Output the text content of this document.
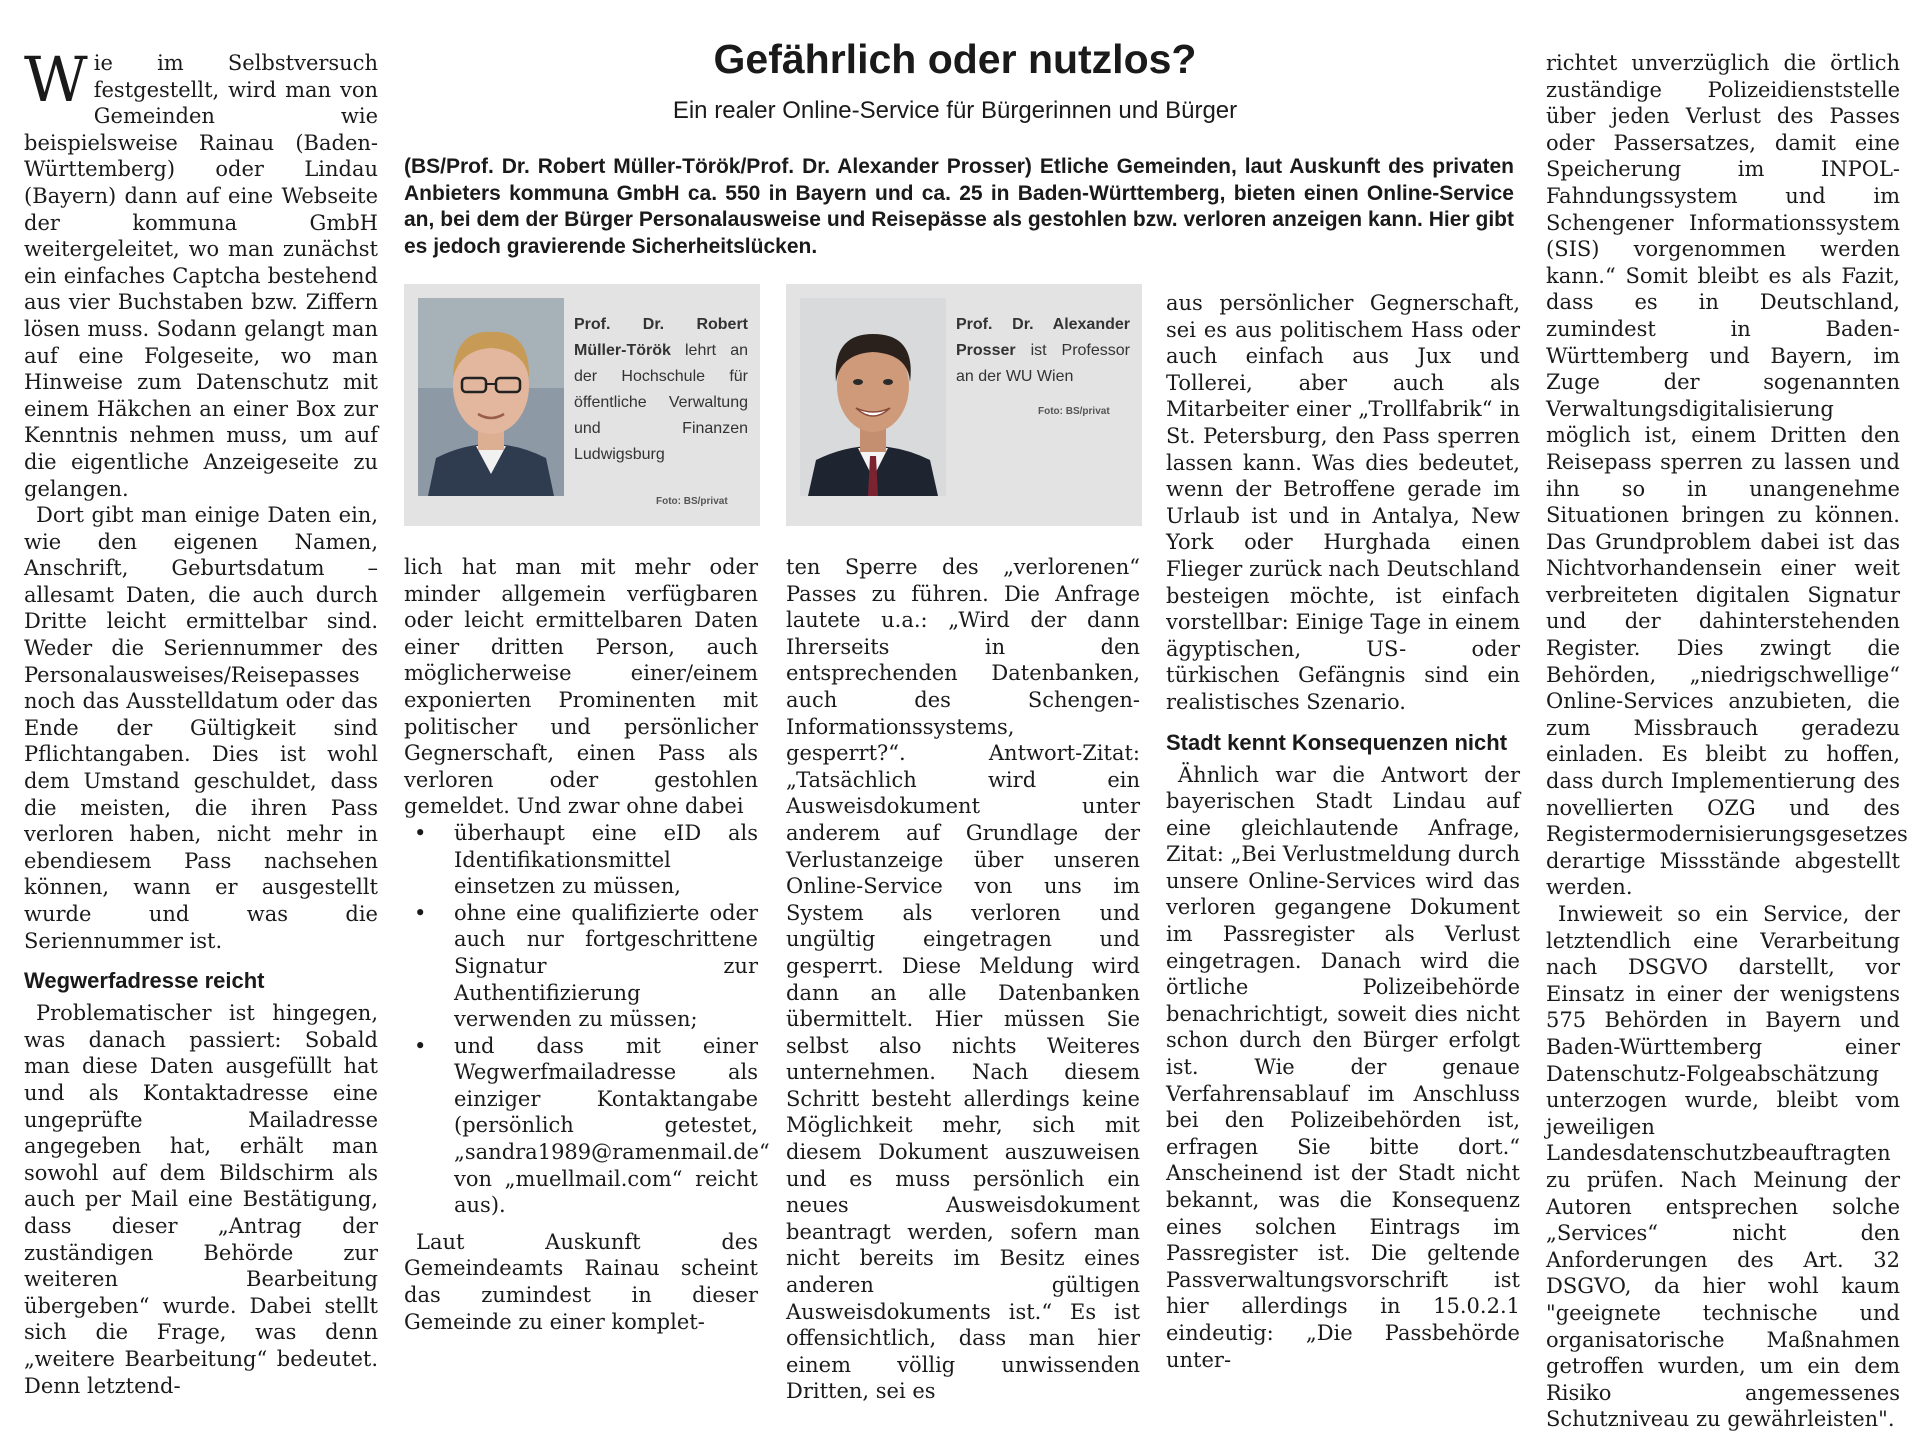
Gefährlich oder nutzlos?
Ein realer Online-Service für Bürgerinnen und Bürger
(BS/Prof. Dr. Robert Müller-Török/Prof. Dr. Alexander Prosser) Etliche Gemeinden, laut Auskunft des privaten Anbieters kommuna GmbH ca. 550 in Bayern und ca. 25 in Baden-Württemberg, bieten einen Online-Service an, bei dem der Bürger Personalausweise und Reisepässe als gestohlen bzw. verloren anzeigen kann. Hier gibt es jedoch gravierende Sicherheitslücken.
Prof. Dr. Robert Müller-Török lehrt an der Hochschule für öffentliche Verwaltung und Finanzen Ludwigsburg
Foto: BS/privat
Prof. Dr. Alexander Prosser ist Professor an der WU Wien
Foto: BS/privat

Wie im Selbstversuch festgestellt, wird man von Gemeinden wie beispielsweise Rainau (Baden-Württemberg) oder Lindau (Bayern) dann auf eine Webseite der kommuna GmbH weitergeleitet, wo man zunächst ein einfaches Captcha bestehend aus vier Buchstaben bzw. Ziffern lösen muss. Sodann gelangt man auf eine Folgeseite, wo man Hinweise zum Datenschutz mit einem Häkchen an einer Box zur Kenntnis nehmen muss, um auf die eigentliche Anzeigeseite zu gelangen.

Dort gibt man einige Daten ein, wie den eigenen Namen, Anschrift, Geburtsdatum – allesamt Daten, die auch durch Dritte leicht ermittelbar sind. Weder die Seriennummer des Personalausweises/Reisepasses noch das Ausstelldatum oder das Ende der Gültigkeit sind Pflichtangaben. Dies ist wohl dem Umstand geschuldet, dass die meisten, die ihren Pass verloren haben, nicht mehr in ebendiesem Pass nachsehen können, wann er ausgestellt wurde und was die Seriennummer ist.

Wegwerfadresse reicht

Problematischer ist hingegen, was danach passiert: Sobald man diese Daten ausgefüllt hat und als Kontaktadresse eine ungeprüfte Mailadresse angegeben hat, erhält man sowohl auf dem Bildschirm als auch per Mail eine Bestätigung, dass dieser „Antrag der zuständigen Behörde zur weiteren Bearbeitung übergeben“ wurde. Dabei stellt sich die Frage, was denn „weitere Bearbeitung“ bedeutet. Denn letztend-

lich hat man mit mehr oder minder allgemein verfügbaren oder leicht ermittelbaren Daten einer dritten Person, auch möglicherweise einer/einem exponierten Prominenten mit politischer und persönlicher Gegnerschaft, einen Pass als verloren oder gestohlen gemeldet. Und zwar ohne dabei

• überhaupt eine eID als Identifikationsmittel einsetzen zu müssen,
• ohne eine qualifizierte oder auch nur fortgeschrittene Signatur zur Authentifizierung verwenden zu müssen;
• und dass mit einer Wegwerfmailadresse als einziger Kontaktangabe (persönlich getestet, „sandra1989@ramenmail.de“ von „muellmail.com“ reicht aus).

Laut Auskunft des Gemeindeamts Rainau scheint das zumindest in dieser Gemeinde zu einer komplet-

ten Sperre des „verlorenen“ Passes zu führen. Die Anfrage lautete u.a.: „Wird der dann Ihrerseits in den entsprechenden Datenbanken, auch des Schengen-Informationssystems, gesperrt?“. Antwort-Zitat: „Tatsächlich wird ein Ausweisdokument unter anderem auf Grundlage der Verlustanzeige über unseren Online-Service von uns im System als verloren und ungültig eingetragen und gesperrt. Diese Meldung wird dann an alle Datenbanken übermittelt. Hier müssen Sie selbst also nichts Weiteres unternehmen. Nach diesem Schritt besteht allerdings keine Möglichkeit mehr, sich mit diesem Dokument auszuweisen und es muss persönlich ein neues Ausweisdokument beantragt werden, sofern man nicht bereits im Besitz eines anderen gültigen Ausweisdokuments ist.“ Es ist offensichtlich, dass man hier einem völlig unwissenden Dritten, sei es

aus persönlicher Gegnerschaft, sei es aus politischem Hass oder auch einfach aus Jux und Tollerei, aber auch als Mitarbeiter einer „Trollfabrik“ in St. Petersburg, den Pass sperren lassen kann. Was dies bedeutet, wenn der Betroffene gerade im Urlaub ist und in Antalya, New York oder Hurghada einen Flieger zurück nach Deutschland besteigen möchte, ist einfach vorstellbar: Einige Tage in einem ägyptischen, US- oder türkischen Gefängnis sind ein realistisches Szenario.

Stadt kennt Konsequenzen nicht

Ähnlich war die Antwort der bayerischen Stadt Lindau auf eine gleichlautende Anfrage, Zitat: „Bei Verlustmeldung durch unsere Online-Services wird das verloren gegangene Dokument im Passregister als Verlust eingetragen. Danach wird die örtliche Polizeibehörde benachrichtigt, soweit dies nicht schon durch den Bürger erfolgt ist. Wie der genaue Verfahrensablauf im Anschluss bei den Polizeibehörden ist, erfragen Sie bitte dort.“ Anscheinend ist der Stadt nicht bekannt, was die Konsequenz eines solchen Eintrags im Passregister ist. Die geltende Passverwaltungsvorschrift ist hier allerdings in 15.0.2.1 eindeutig: „Die Passbehörde unter-

richtet unverzüglich die örtlich zuständige Polizeidienststelle über jeden Verlust des Passes oder Passersatzes, damit eine Speicherung im INPOL-Fahndungssystem und im Schengener Informationssystem (SIS) vorgenommen werden kann.“ Somit bleibt es als Fazit, dass es in Deutschland, zumindest in Baden-Württemberg und Bayern, im Zuge der sogenannten Verwaltungsdigitalisierung möglich ist, einem Dritten den Reisepass sperren zu lassen und ihn so in unangenehme Situationen bringen zu können. Das Grundproblem dabei ist das Nichtvorhandensein einer weit verbreiteten digitalen Signatur und der dahinterstehenden Register. Dies zwingt die Behörden, „niedrigschwellige“ Online-Services anzubieten, die zum Missbrauch geradezu einladen. Es bleibt zu hoffen, dass durch Implementierung des novellierten OZG und des Registermodernisierungsgesetzes derartige Missstände abgestellt werden.

Inwieweit so ein Service, der letztendlich eine Verarbeitung nach DSGVO darstellt, vor Einsatz in einer der wenigstens 575 Behörden in Bayern und Baden-Württemberg einer Datenschutz-Folgeabschätzung unterzogen wurde, bleibt vom jeweiligen Landesdatenschutzbeauftragten zu prüfen. Nach Meinung der Autoren entsprechen solche „Services“ nicht den Anforderungen des Art. 32 DSGVO, da hier wohl kaum "geeignete technische und organisatorische Maßnahmen getroffen wurden, um ein dem Risiko angemessenes Schutzniveau zu gewährleisten".
